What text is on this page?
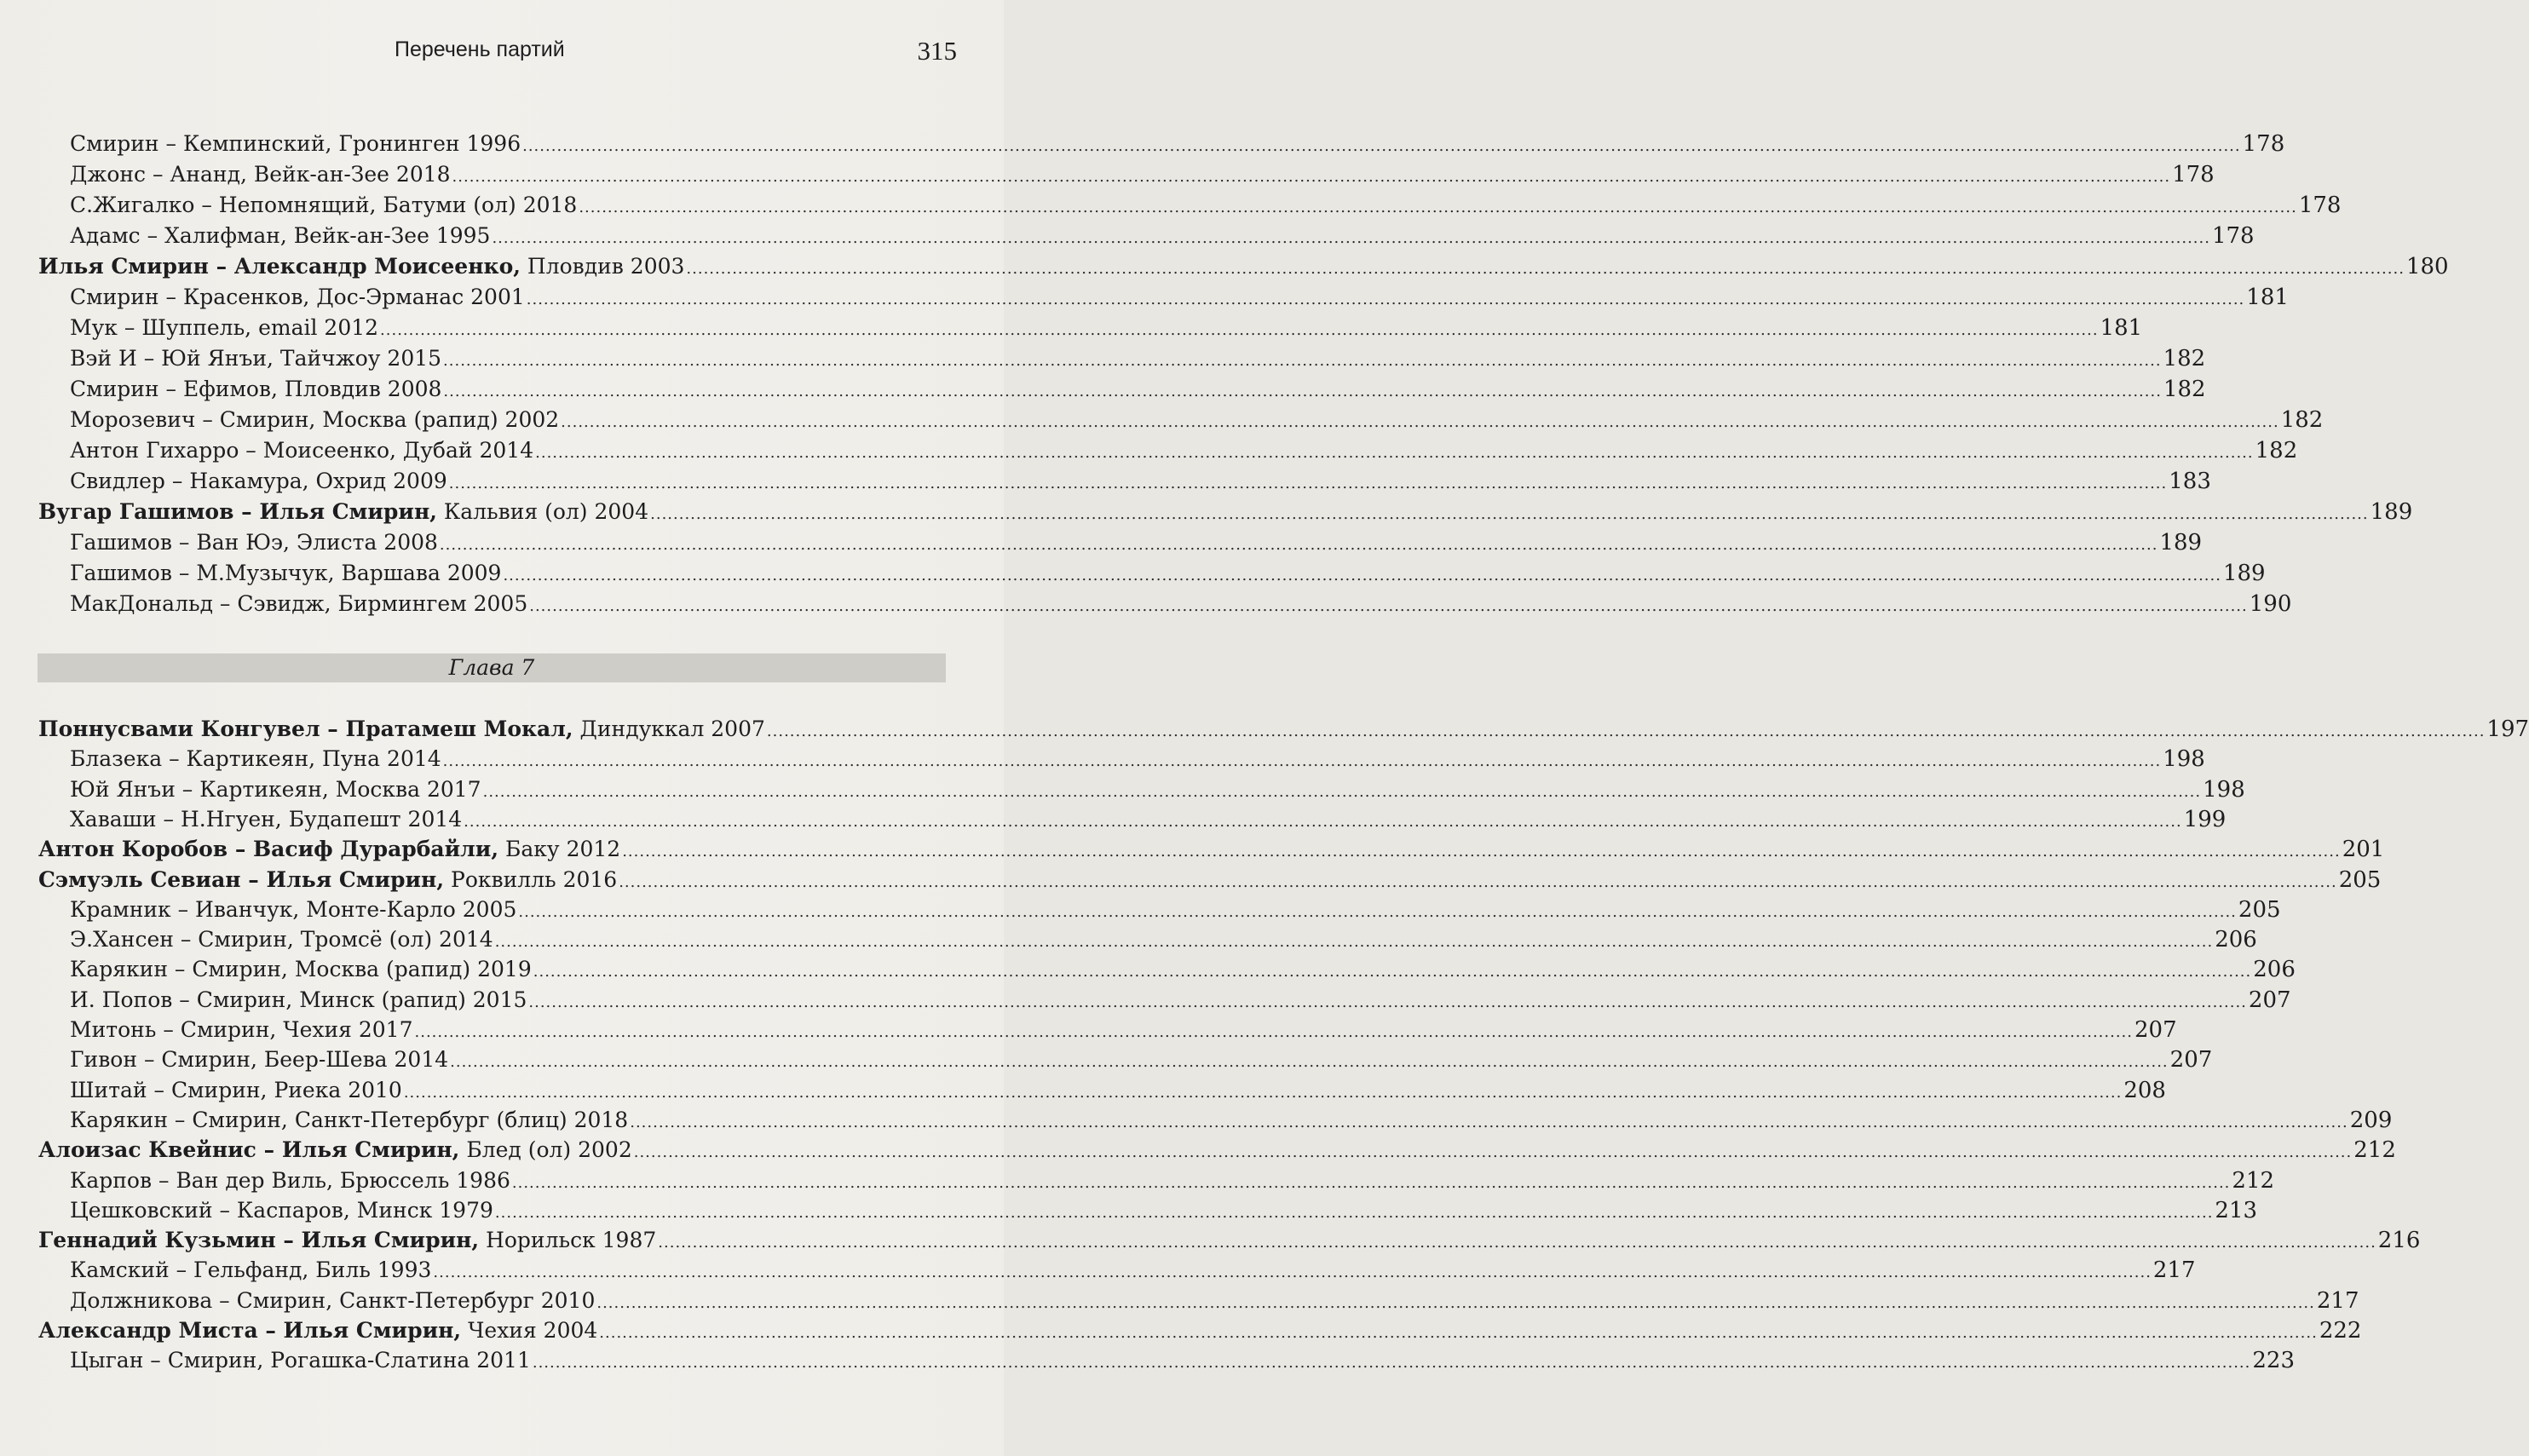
Перечень партий	315
Смирин – Кемпинский, Гронинген 1996 ............................................................................................................................................................................................................................................................................................................ 178
Джонс – Ананд, Вейк-ан-Зее 2018 ............................................................................................................................................................................................................................................................................................................ 178
С.Жигалко – Непомнящий, Батуми (ол) 2018 ............................................................................................................................................................................................................................................................................................................ 178
Адамс – Халифман, Вейк-ан-Зее 1995 ............................................................................................................................................................................................................................................................................................................ 178
Илья Смирин – Александр Моисеенко, Пловдив 2003 ............................................................................................................................................................................................................................................................................................................ 180
Смирин – Красенков, Дос-Эрманас 2001 ............................................................................................................................................................................................................................................................................................................ 181
Мук – Шуппель, email 2012 ............................................................................................................................................................................................................................................................................................................ 181
Вэй И – Юй Янъи, Тайчжоу 2015 ............................................................................................................................................................................................................................................................................................................ 182
Смирин – Ефимов, Пловдив 2008 ............................................................................................................................................................................................................................................................................................................ 182
Морозевич – Смирин, Москва (рапид) 2002 ............................................................................................................................................................................................................................................................................................................ 182
Антон Гихарро – Моисеенко, Дубай 2014 ............................................................................................................................................................................................................................................................................................................ 182
Свидлер – Накамура, Охрид 2009 ............................................................................................................................................................................................................................................................................................................ 183
Вугар Гашимов – Илья Смирин, Кальвия (ол) 2004 ............................................................................................................................................................................................................................................................................................................ 189
Гашимов – Ван Юэ, Элиста 2008 ............................................................................................................................................................................................................................................................................................................ 189
Гашимов – М.Музычук, Варшава 2009 ............................................................................................................................................................................................................................................................................................................ 189
МакДональд – Сэвидж, Бирмингем 2005 ............................................................................................................................................................................................................................................................................................................ 190
Глава 7
Поннусвами Конгувел – Пратамеш Мокал, Диндуккал 2007 ............................................................................................................................................................................................................................................................................................................ 197
Блазека – Картикеян, Пуна 2014 ............................................................................................................................................................................................................................................................................................................ 198
Юй Янъи – Картикеян, Москва 2017 ............................................................................................................................................................................................................................................................................................................ 198
Хаваши – Н.Нгуен, Будапешт 2014 ............................................................................................................................................................................................................................................................................................................ 199
Антон Коробов – Васиф Дурарбайли, Баку 2012 ............................................................................................................................................................................................................................................................................................................ 201
Сэмуэль Севиан – Илья Смирин, Роквилль 2016 ............................................................................................................................................................................................................................................................................................................ 205
Крамник – Иванчук, Монте-Карло 2005 ............................................................................................................................................................................................................................................................................................................ 205
Э.Хансен – Смирин, Тромсё (ол) 2014 ............................................................................................................................................................................................................................................................................................................ 206
Карякин – Смирин, Москва (рапид) 2019 ............................................................................................................................................................................................................................................................................................................ 206
И. Попов – Смирин, Минск (рапид) 2015 ............................................................................................................................................................................................................................................................................................................ 207
Митонь – Смирин, Чехия 2017 ............................................................................................................................................................................................................................................................................................................ 207
Гивон – Смирин, Беер-Шева 2014 ............................................................................................................................................................................................................................................................................................................ 207
Шитай – Смирин, Риека 2010 ............................................................................................................................................................................................................................................................................................................ 208
Карякин – Смирин, Санкт-Петербург (блиц) 2018 ............................................................................................................................................................................................................................................................................................................ 209
Алоизас Квейнис – Илья Смирин, Блед (ол) 2002 ............................................................................................................................................................................................................................................................................................................ 212
Карпов – Ван дер Виль, Брюссель 1986 ............................................................................................................................................................................................................................................................................................................ 212
Цешковский – Каспаров, Минск 1979 ............................................................................................................................................................................................................................................................................................................ 213
Геннадий Кузьмин – Илья Смирин, Норильск 1987 ............................................................................................................................................................................................................................................................................................................ 216
Камский – Гельфанд, Биль 1993 ............................................................................................................................................................................................................................................................................................................ 217
Должникова – Смирин, Санкт-Петербург 2010 ............................................................................................................................................................................................................................................................................................................ 217
Александр Миста – Илья Смирин, Чехия 2004 ............................................................................................................................................................................................................................................................................................................ 222
Цыган – Смирин, Рогашка-Слатина 2011 ............................................................................................................................................................................................................................................................................................................ 223
